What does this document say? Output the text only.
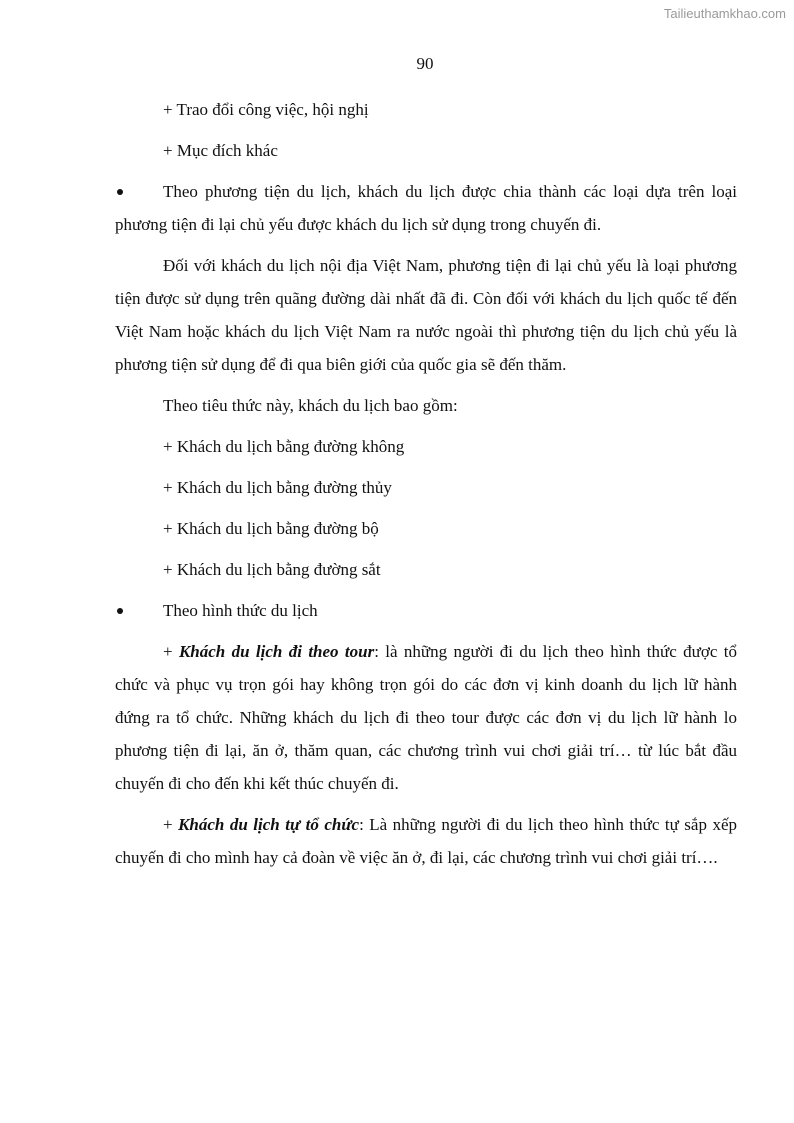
Tailieuthamkhao.com
90

+ Trao đổi công việc, hội nghị

+ Mục đích khác

Theo phương tiện du lịch, khách du lịch được chia thành các loại dựa trên loại phương tiện đi lại chủ yếu được khách du lịch sử dụng trong chuyến đi.

Đối với khách du lịch nội địa Việt Nam, phương tiện đi lại chủ yếu là loại phương tiện được sử dụng trên quãng đường dài nhất đã đi. Còn đối với khách du lịch quốc tế đến Việt Nam hoặc khách du lịch Việt Nam ra nước ngoài thì phương tiện du lịch chủ yếu là phương tiện sử dụng để đi qua biên giới của quốc gia sẽ đến thăm.

Theo tiêu thức này, khách du lịch bao gồm:

+ Khách du lịch bằng đường không

+ Khách du lịch bằng đường thủy

+ Khách du lịch bằng đường bộ

+ Khách du lịch bằng đường sắt

Theo hình thức du lịch

+ Khách du lịch đi theo tour: là những người đi du lịch theo hình thức được tổ chức và phục vụ trọn gói hay không trọn gói do các đơn vị kinh doanh du lịch lữ hành đứng ra tổ chức. Những khách du lịch đi theo tour được các đơn vị du lịch lữ hành lo phương tiện đi lại, ăn ở, thăm quan, các chương trình vui chơi giải trí… từ lúc bắt đầu chuyến đi cho đến khi kết thúc chuyến đi.

+ Khách du lịch tự tổ chức: Là những người đi du lịch theo hình thức tự sắp xếp chuyến đi cho mình hay cả đoàn về việc ăn ở, đi lại, các chương trình vui chơi giải trí….
